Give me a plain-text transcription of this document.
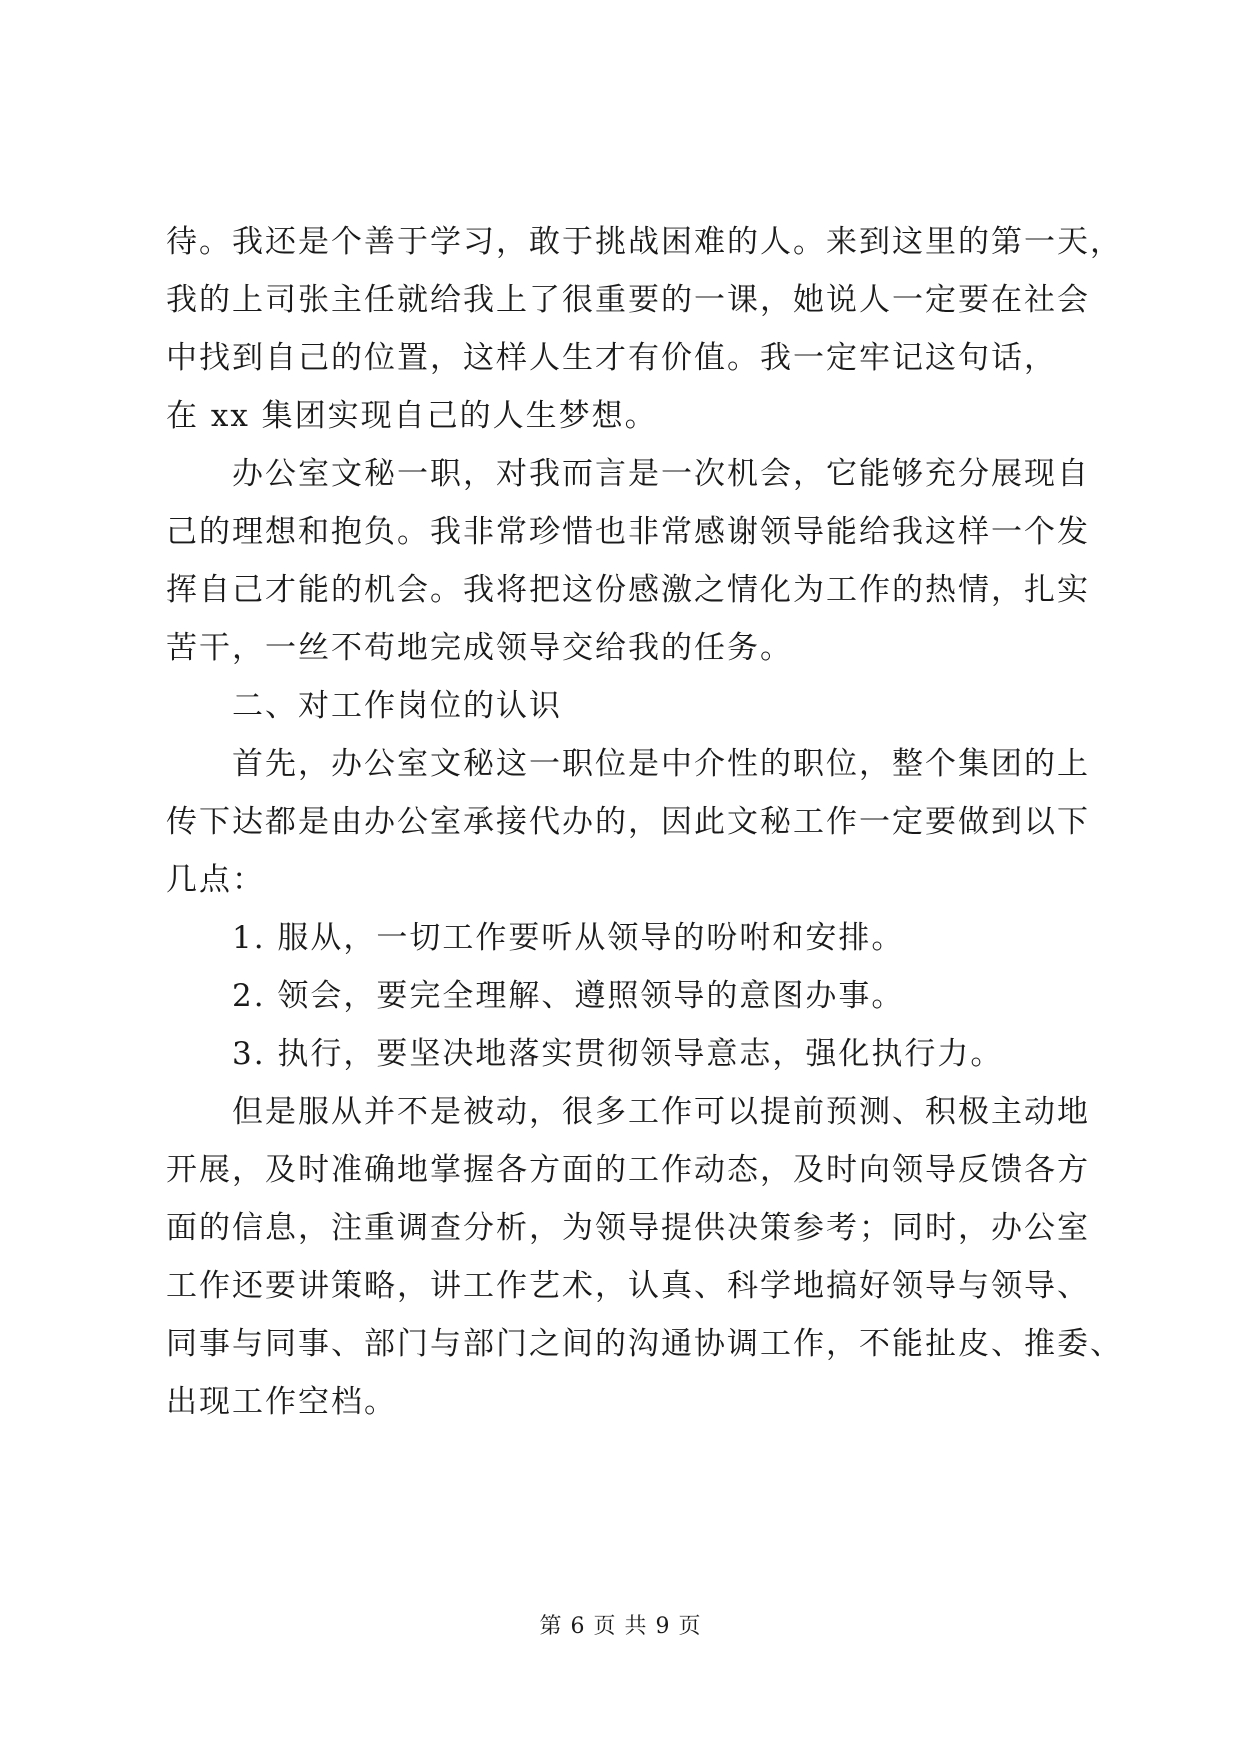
待。我还是个善于学习，敢于挑战困难的人。来到这里的第一天，
我的上司张主任就给我上了很重要的一课，她说人一定要在社会
中找到自己的位置，这样人生才有价值。我一定牢记这句话，
在 xx 集团实现自己的人生梦想。
　　办公室文秘一职，对我而言是一次机会，它能够充分展现自
己的理想和抱负。我非常珍惜也非常感谢领导能给我这样一个发
挥自己才能的机会。我将把这份感激之情化为工作的热情，扎实
苦干，一丝不苟地完成领导交给我的任务。
　　二、对工作岗位的认识
　　首先，办公室文秘这一职位是中介性的职位，整个集团的上
传下达都是由办公室承接代办的，因此文秘工作一定要做到以下
几点：
　　1. 服从，一切工作要听从领导的吩咐和安排。
　　2. 领会，要完全理解、遵照领导的意图办事。
　　3. 执行，要坚决地落实贯彻领导意志，强化执行力。
　　但是服从并不是被动，很多工作可以提前预测、积极主动地
开展，及时准确地掌握各方面的工作动态，及时向领导反馈各方
面的信息，注重调查分析，为领导提供决策参考；同时，办公室
工作还要讲策略，讲工作艺术，认真、科学地搞好领导与领导、
同事与同事、部门与部门之间的沟通协调工作，不能扯皮、推委、
出现工作空档。
第 6 页 共 9 页
